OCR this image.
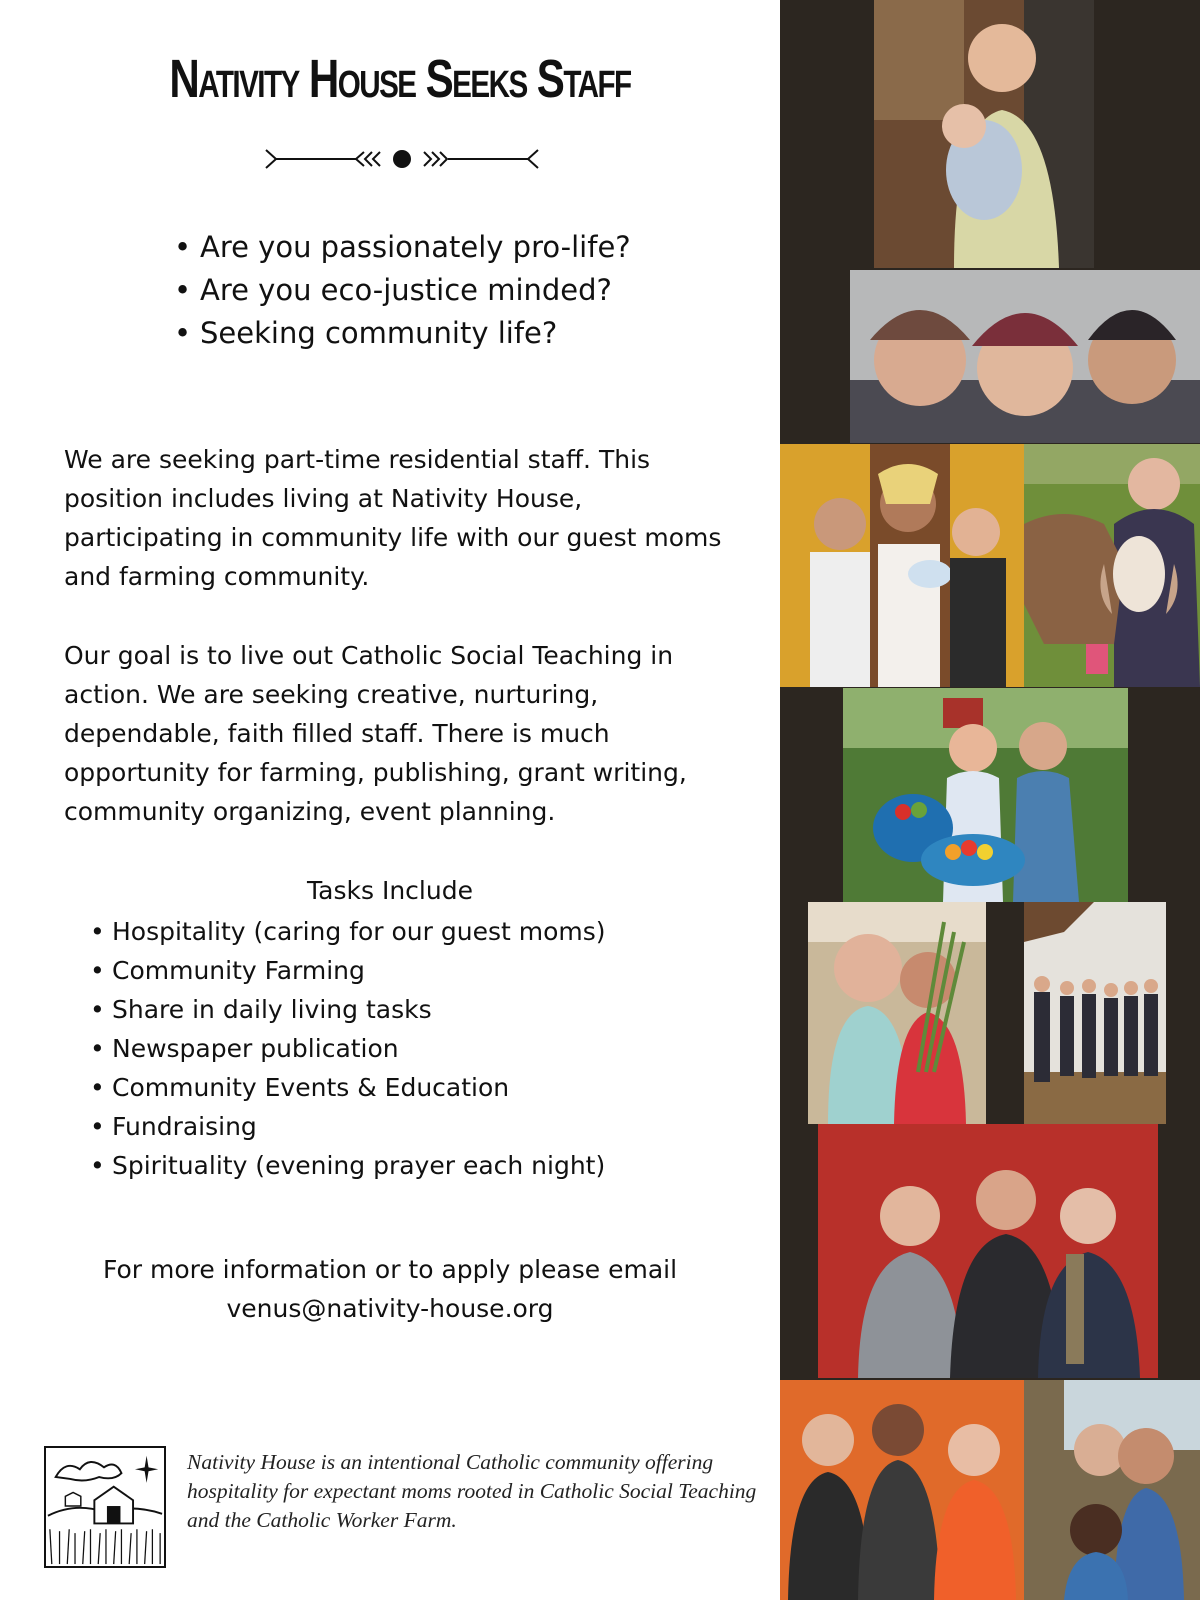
Nativity House Seeks Staff
• Are you passionately pro-life?
• Are you eco-justice minded?
• Seeking community life?

We are seeking part-time residential staff. This position includes living at Nativity House, participating in community life with our guest moms and farming community.

Our goal is to live out Catholic Social Teaching in action. We are seeking creative, nurturing, dependable, faith filled staff. There is much opportunity for farming, publishing, grant writing, community organizing, event planning.

Tasks Include
• Hospitality (caring for our guest moms)
• Community Farming
• Share in daily living tasks
• Newspaper publication
• Community Events & Education
• Fundraising
• Spirituality (evening prayer each night)
For more information or to apply please email
venus@nativity-house.org

Nativity House is an intentional Catholic community offering hospitality for expectant moms rooted in Catholic Social Teaching and the Catholic Worker Farm.
